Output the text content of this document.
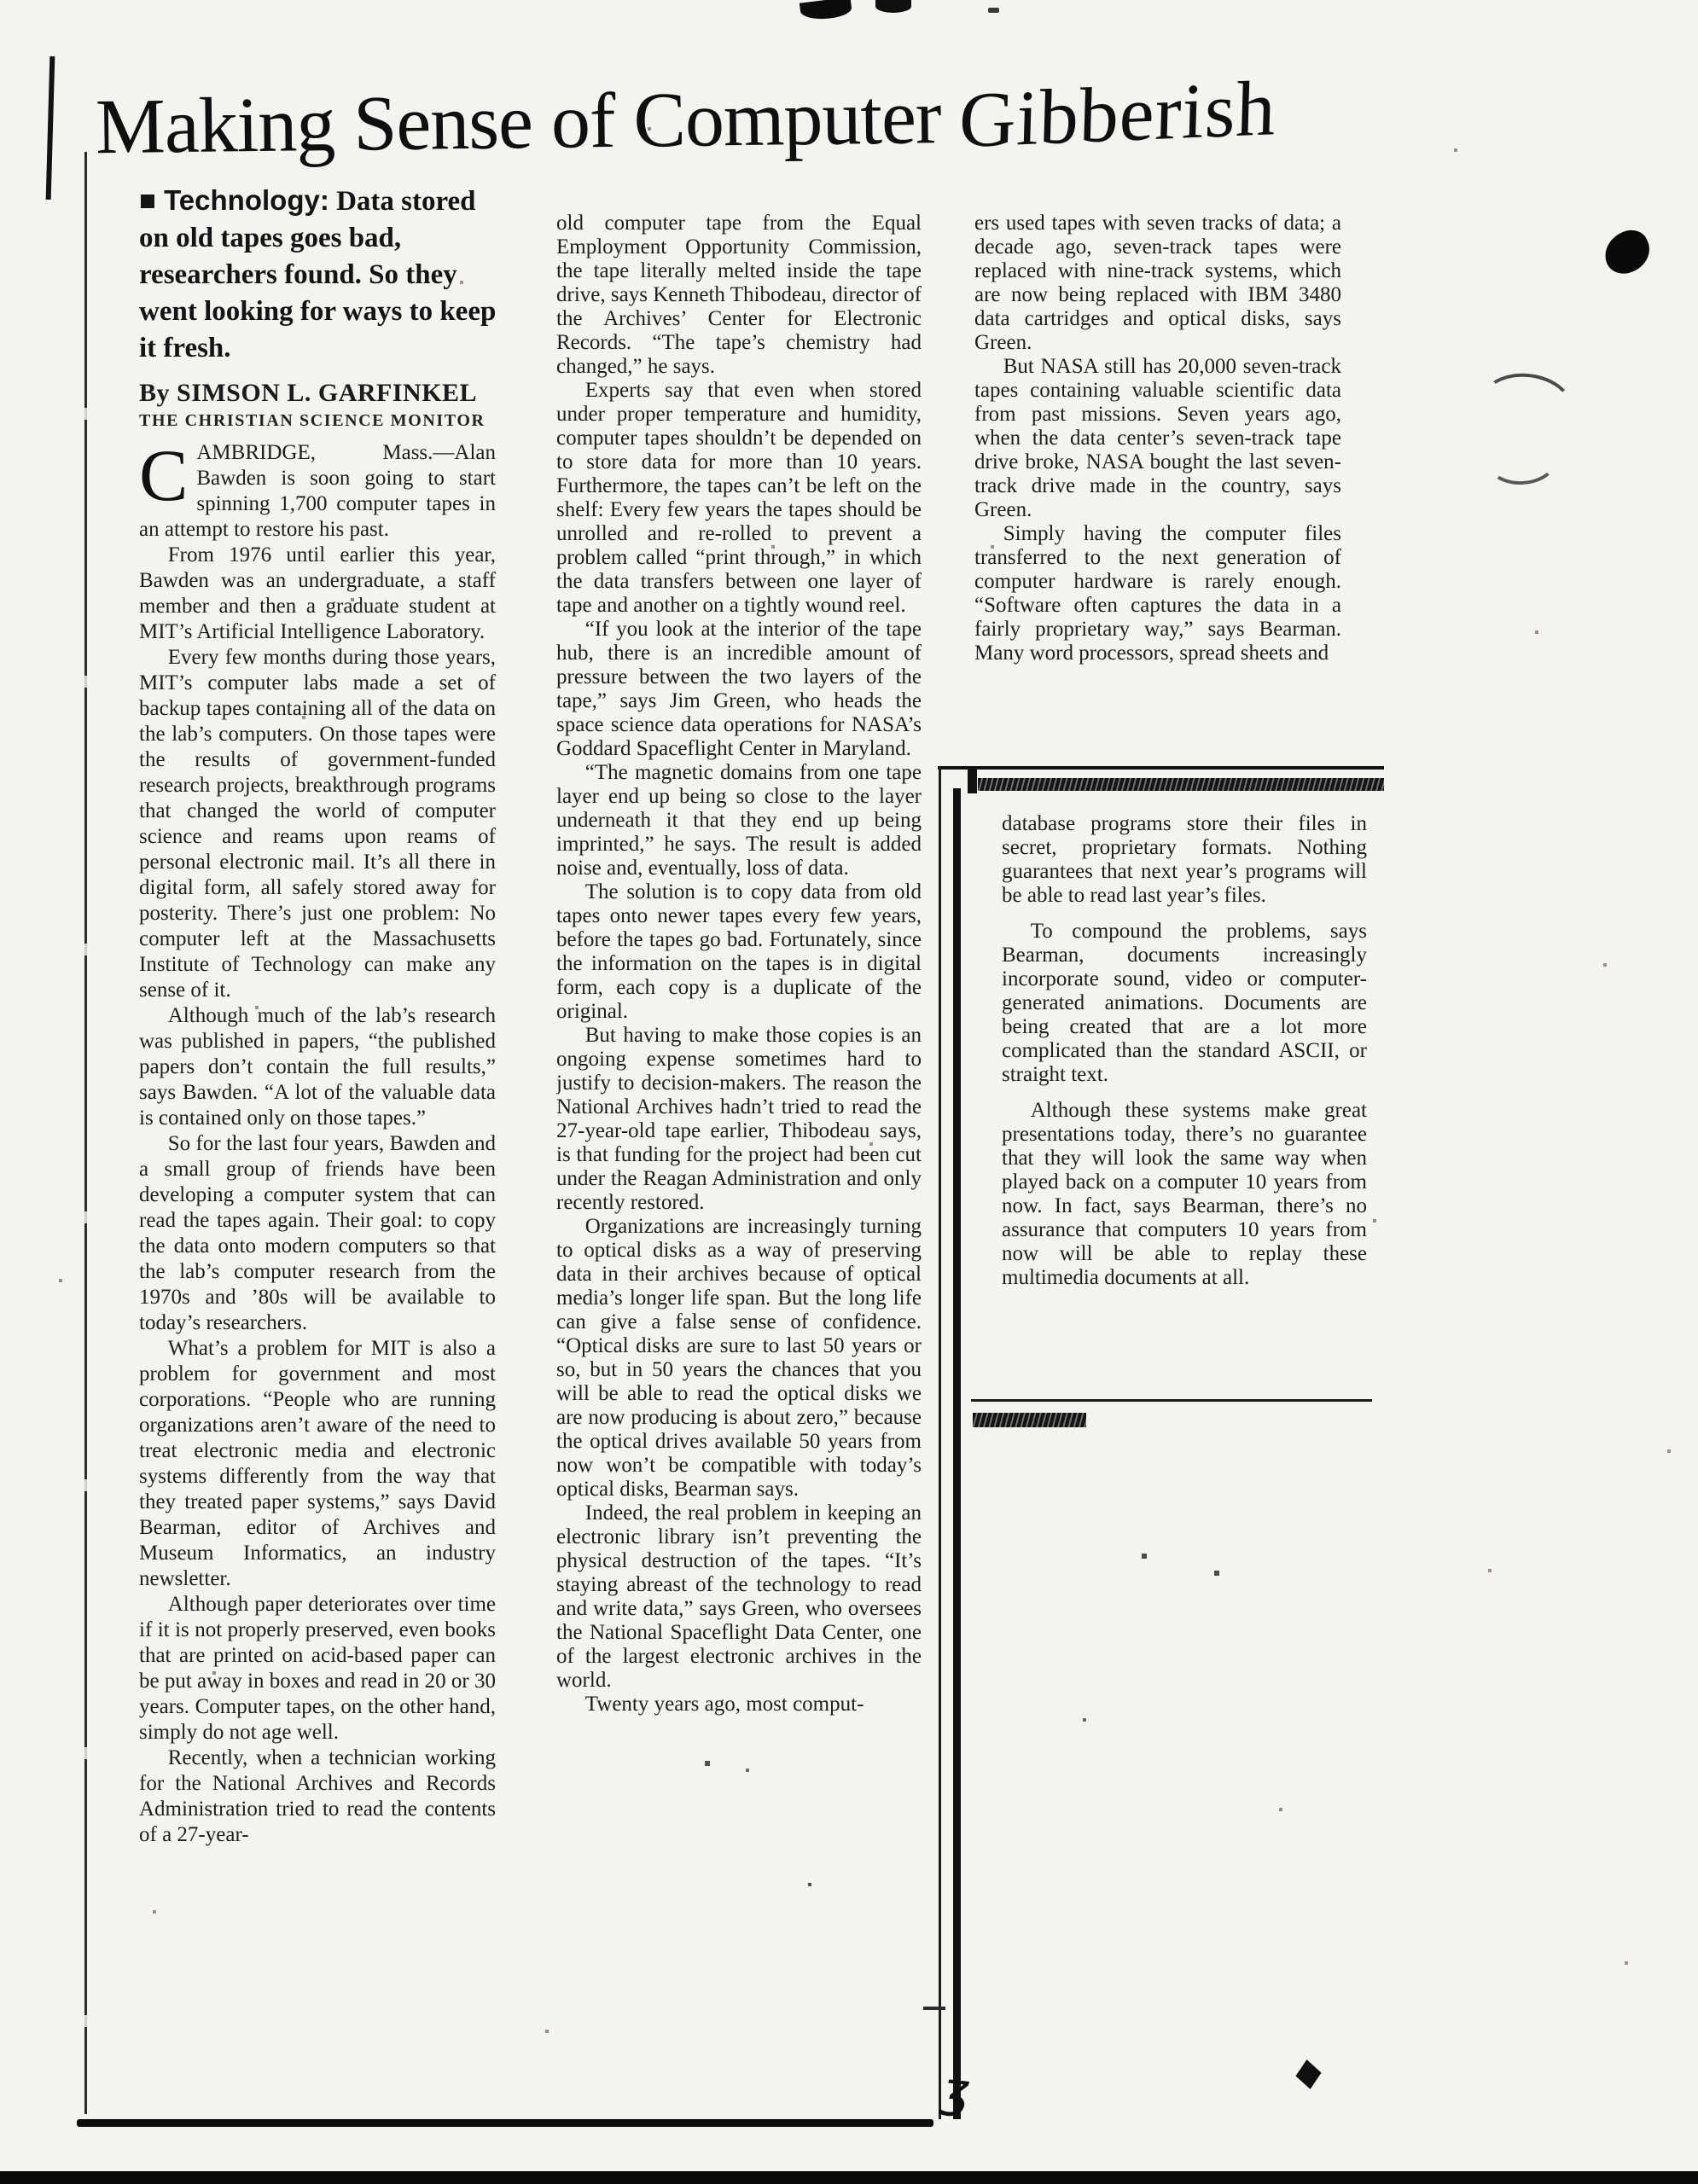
Making Sense of Computer Gibberish
■ Technology: Data stored on old tapes goes bad, researchers found. So they went looking for ways to keep it fresh.
By SIMSON L. GARFINKEL
THE CHRISTIAN SCIENCE MONITOR

CAMBRIDGE, Mass.—Alan Bawden is soon going to start spinning 1,700 computer tapes in an attempt to restore his past.

From 1976 until earlier this year, Bawden was an undergraduate, a staff member and then a graduate student at MIT’s Artificial Intelligence Laboratory.

Every few months during those years, MIT’s computer labs made a set of backup tapes containing all of the data on the lab’s computers. On those tapes were the results of government-funded research projects, breakthrough programs that changed the world of computer science and reams upon reams of personal electronic mail. It’s all there in digital form, all safely stored away for posterity. There’s just one problem: No computer left at the Massachusetts Institute of Technology can make any sense of it.

Although much of the lab’s research was published in papers, “the published papers don’t contain the full results,” says Bawden. “A lot of the valuable data is contained only on those tapes.”

So for the last four years, Bawden and a small group of friends have been developing a computer system that can read the tapes again. Their goal: to copy the data onto modern computers so that the lab’s computer research from the 1970s and ’80s will be available to today’s researchers.

What’s a problem for MIT is also a problem for government and most corporations. “People who are running organizations aren’t aware of the need to treat electronic media and electronic systems differently from the way that they treated paper systems,” says David Bearman, editor of Archives and Museum Informatics, an industry newsletter.

Although paper deteriorates over time if it is not properly preserved, even books that are printed on acid-based paper can be put away in boxes and read in 20 or 30 years. Computer tapes, on the other hand, simply do not age well.

Recently, when a technician working for the National Archives and Records Administration tried to read the contents of a 27-year-

old computer tape from the Equal Employment Opportunity Commission, the tape literally melted inside the tape drive, says Kenneth Thibodeau, director of the Archives’ Center for Electronic Records. “The tape’s chemistry had changed,” he says.

Experts say that even when stored under proper temperature and humidity, computer tapes shouldn’t be depended on to store data for more than 10 years. Furthermore, the tapes can’t be left on the shelf: Every few years the tapes should be unrolled and re-rolled to prevent a problem called “print through,” in which the data transfers between one layer of tape and another on a tightly wound reel.

“If you look at the interior of the tape hub, there is an incredible amount of pressure between the two layers of the tape,” says Jim Green, who heads the space science data operations for NASA’s Goddard Spaceflight Center in Maryland.

“The magnetic domains from one tape layer end up being so close to the layer underneath it that they end up being imprinted,” he says. The result is added noise and, eventually, loss of data.

The solution is to copy data from old tapes onto newer tapes every few years, before the tapes go bad. Fortunately, since the information on the tapes is in digital form, each copy is a duplicate of the original.

But having to make those copies is an ongoing expense sometimes hard to justify to decision-makers. The reason the National Archives hadn’t tried to read the 27-year-old tape earlier, Thibodeau says, is that funding for the project had been cut under the Reagan Administration and only recently restored.

Organizations are increasingly turning to optical disks as a way of preserving data in their archives because of optical media’s longer life span. But the long life can give a false sense of confidence. “Optical disks are sure to last 50 years or so, but in 50 years the chances that you will be able to read the optical disks we are now producing is about zero,” because the optical drives available 50 years from now won’t be compatible with today’s optical disks, Bearman says.

Indeed, the real problem in keeping an electronic library isn’t preventing the physical destruction of the tapes. “It’s staying abreast of the technology to read and write data,” says Green, who oversees the National Spaceflight Data Center, one of the largest electronic archives in the world.

Twenty years ago, most comput-

ers used tapes with seven tracks of data; a decade ago, seven-track tapes were replaced with nine-track systems, which are now being replaced with IBM 3480 data cartridges and optical disks, says Green.

But NASA still has 20,000 seven-track tapes containing valuable scientific data from past missions. Seven years ago, when the data center’s seven-track tape drive broke, NASA bought the last seven-track drive made in the country, says Green.

Simply having the computer files transferred to the next generation of computer hardware is rarely enough. “Software often captures the data in a fairly proprietary way,” says Bearman. Many word processors, spread sheets and

database programs store their files in secret, proprietary formats. Nothing guarantees that next year’s programs will be able to read last year’s files.

To compound the problems, says Bearman, documents increasingly incorporate sound, video or computer-generated animations. Documents are being created that are a lot more complicated than the standard ASCII, or straight text.

Although these systems make great presentations today, there’s no guarantee that they will look the same way when played back on a computer 10 years from now. In fact, says Bearman, there’s no assurance that computers 10 years from now will be able to replay these multimedia documents at all.

ʒ
